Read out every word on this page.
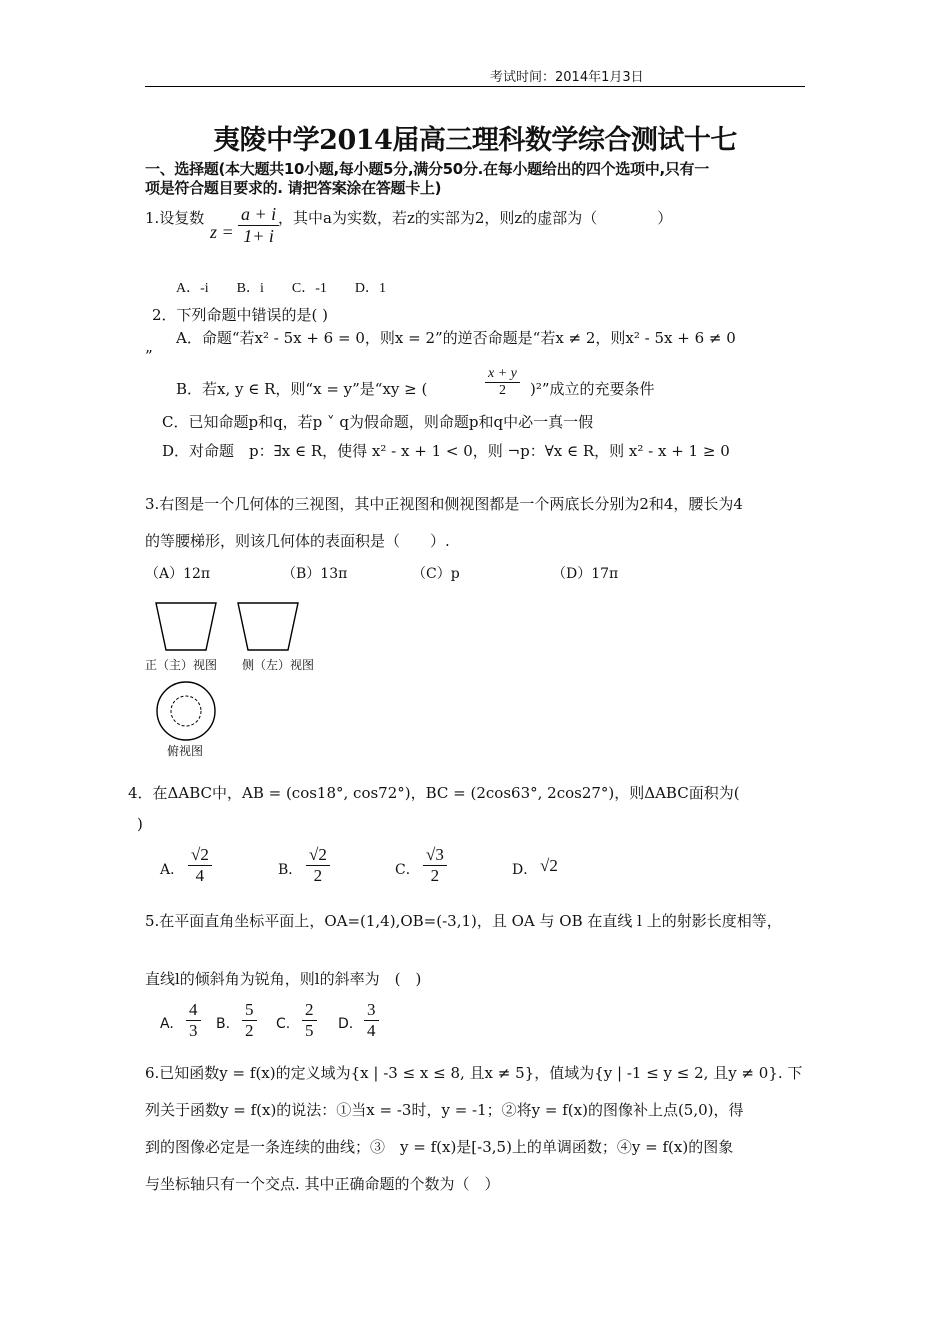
考试时间：2014年1月3日
夷陵中学2014届高三理科数学综合测试十七
一、选择题(本大题共10小题,每小题5分,满分50分.在每小题给出的四个选项中,只有一
项是符合题目要求的. 请把答案涂在答题卡上)
1.设复数
$z = \frac{a + i}{1+ i}$
，其中a为实数，若z的实部为2，则z的虚部为（　　　　）
A．-i　　B．i　　C．-1　　D．1
2．下列命题中错误的是( )
A．命题“若x² - 5x + 6 = 0，则x = 2”的逆否命题是“若x ≠ 2，则x² - 5x + 6 ≠ 0
”
B．若x, y ∈ R，则“x = y”是“xy ≥ (	$\frac{x + y}{2} )^2$”成立的充要条件
C．已知命题p和q，若p ˅ q为假命题，则命题p和q中必一真一假
D．对命题　p：∃x ∈ R，使得 x² - x + 1 < 0，则 ¬p：∀x ∈ R，则 x² - x + 1 ≥ 0
3.右图是一个几何体的三视图，其中正视图和侧视图都是一个两底长分别为2和4，腰长为4
的等腰梯形，则该几何体的表面积是（　　）.
（A）12π	（B）13π	（C）p	（D）17π
正（主）视图 侧（左）视图
俯视图
4．在ΔABC中，AB = (cos18°, cos72°)，BC = (2cos63°, 2cos27°)，则ΔABC面积为(
)
A． $\frac{√2}{4}$	B． $\frac{√2}{2}$	C． $\frac{√3}{2}$	D． √2
5.在平面直角坐标平面上，OA=(1,4),OB=(-3,1)，且 OA 与 OB 在直线 l 上的射影长度相等，
直线l的倾斜角为锐角，则l的斜率为　(　)
A. $\frac{4}{3} B$. $\frac{5}{2} C$. $\frac{2}{5} D$. $\frac{3}{4}$
6.已知函数y = f(x)的定义域为{x | -3 ≤ x ≤ 8, 且x ≠ 5}，值域为{y | -1 ≤ y ≤ 2, 且y ≠ 0}. 下
列关于函数y = f(x)的说法：①当x = -3时，y = -1；②将y = f(x)的图像补上点(5,0)，得
到的图像必定是一条连续的曲线；③　y = f(x)是[-3,5)上的单调函数；④y = f(x)的图象
与坐标轴只有一个交点. 其中正确命题的个数为（　）
